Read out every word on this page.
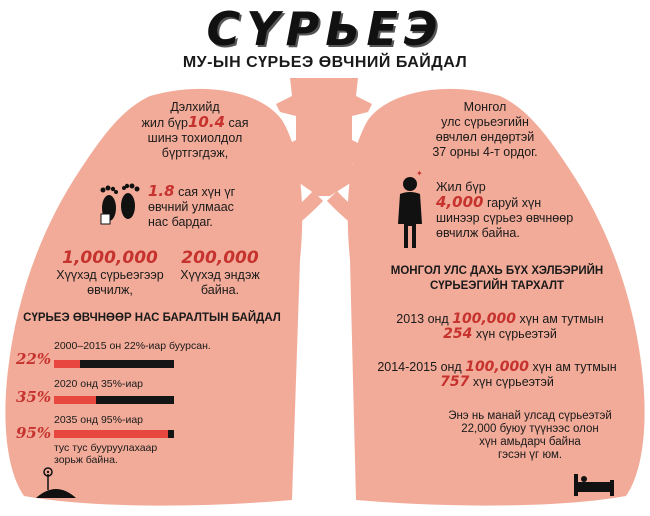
СҮРЬЕЭ
МУ-ЫН СҮРЬЕЭ ӨВЧНИЙ БАЙДАЛ
Дэлхийд
жил бүр10.4 сая
шинэ тохиолдол
бүртгэгдэж,
1.8 сая хүн үг
өвчний улмаас
нас бардаг.
1,000,000
Хүүхэд сүрьеэгээр
өвчилж,
200,000
Хүүхэд эндэж
байна.
СҮРЬЕЭ ӨВЧНӨӨР НАС БАРАЛТЫН БАЙДАЛ
22%
2000–2015 он 22%-иар буурсан.
35%
2020 онд 35%-иар
95%
2035 онд 95%-иар
тус тус бууруулахаар
зорьж байна.
Монгол
улс сүрьеэгийн
өвчлөл өндөртэй
37 орны 4-т ордог.
✦
Жил бүр
4,000 гаруй хүн
шинээр сүрьеэ өвчнөөр
өвчилж байна.
МОНГОЛ УЛС ДАХЬ БҮХ ХЭЛБЭРИЙН
СҮРЬЕЭГИЙН ТАРХАЛТ
2013 онд 100,000 хүн ам тутмын
254 хүн сүрьеэтэй
2014-2015 онд 100,000 хүн ам тутмын
757 хүн сүрьеэтэй
Энэ нь манай улсад сүрьеэтэй
22,000 буюу түүнээс олон
хүн амьдарч байна
гэсэн үг юм.
